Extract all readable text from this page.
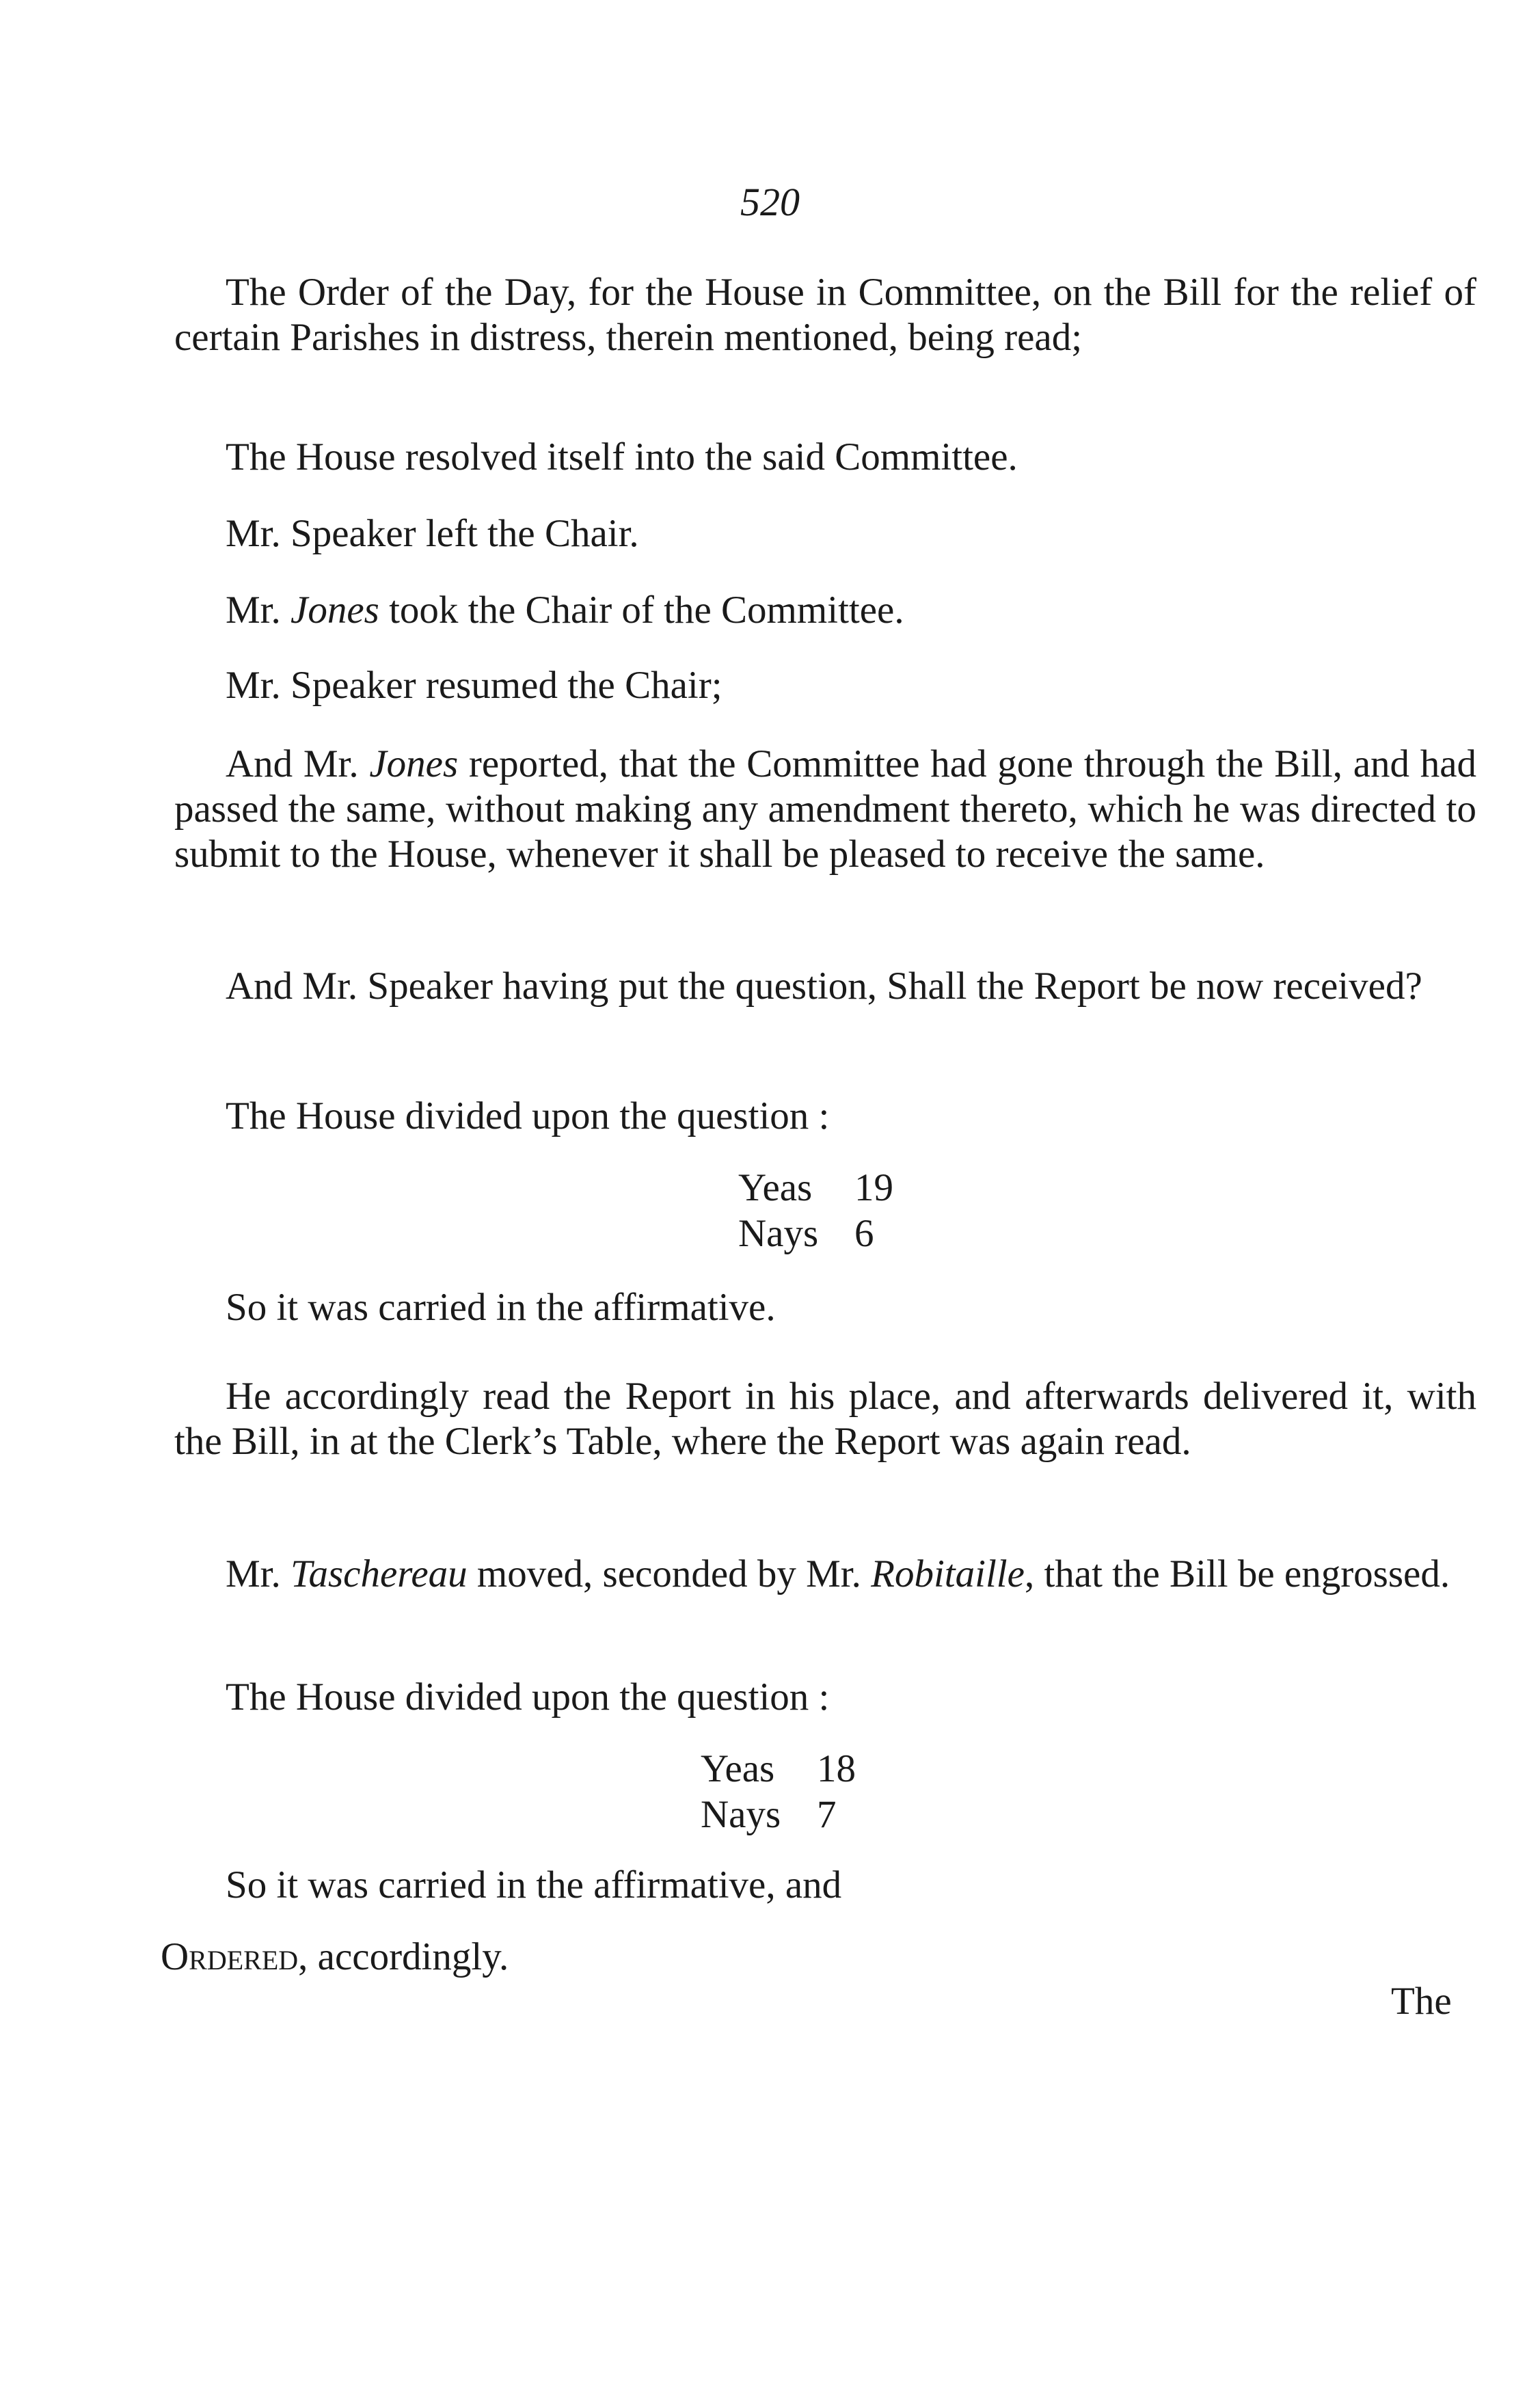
520
The Order of the Day, for the House in Committee, on the Bill for the relief of certain Parishes in distress, therein mentioned, being read;
The House resolved itself into the said Committee.
Mr. Speaker left the Chair.
Mr. Jones took the Chair of the Committee.
Mr. Speaker resumed the Chair;
And Mr. Jones reported, that the Committee had gone through the Bill, and had passed the same, without making any amendment thereto, which he was directed to submit to the House, whenever it shall be pleased to receive the same.
And Mr. Speaker having put the question, Shall the Report be now received?
The House divided upon the question :
Yeas 19
Nays 6
So it was carried in the affirmative.
He accordingly read the Report in his place, and afterwards delivered it, with the Bill, in at the Clerk’s Table, where the Report was again read.
Mr. Taschereau moved, seconded by Mr. Robitaille, that the Bill be engrossed.
The House divided upon the question :
Yeas 18
Nays 7
So it was carried in the affirmative, and
Ordered, accordingly.
The
